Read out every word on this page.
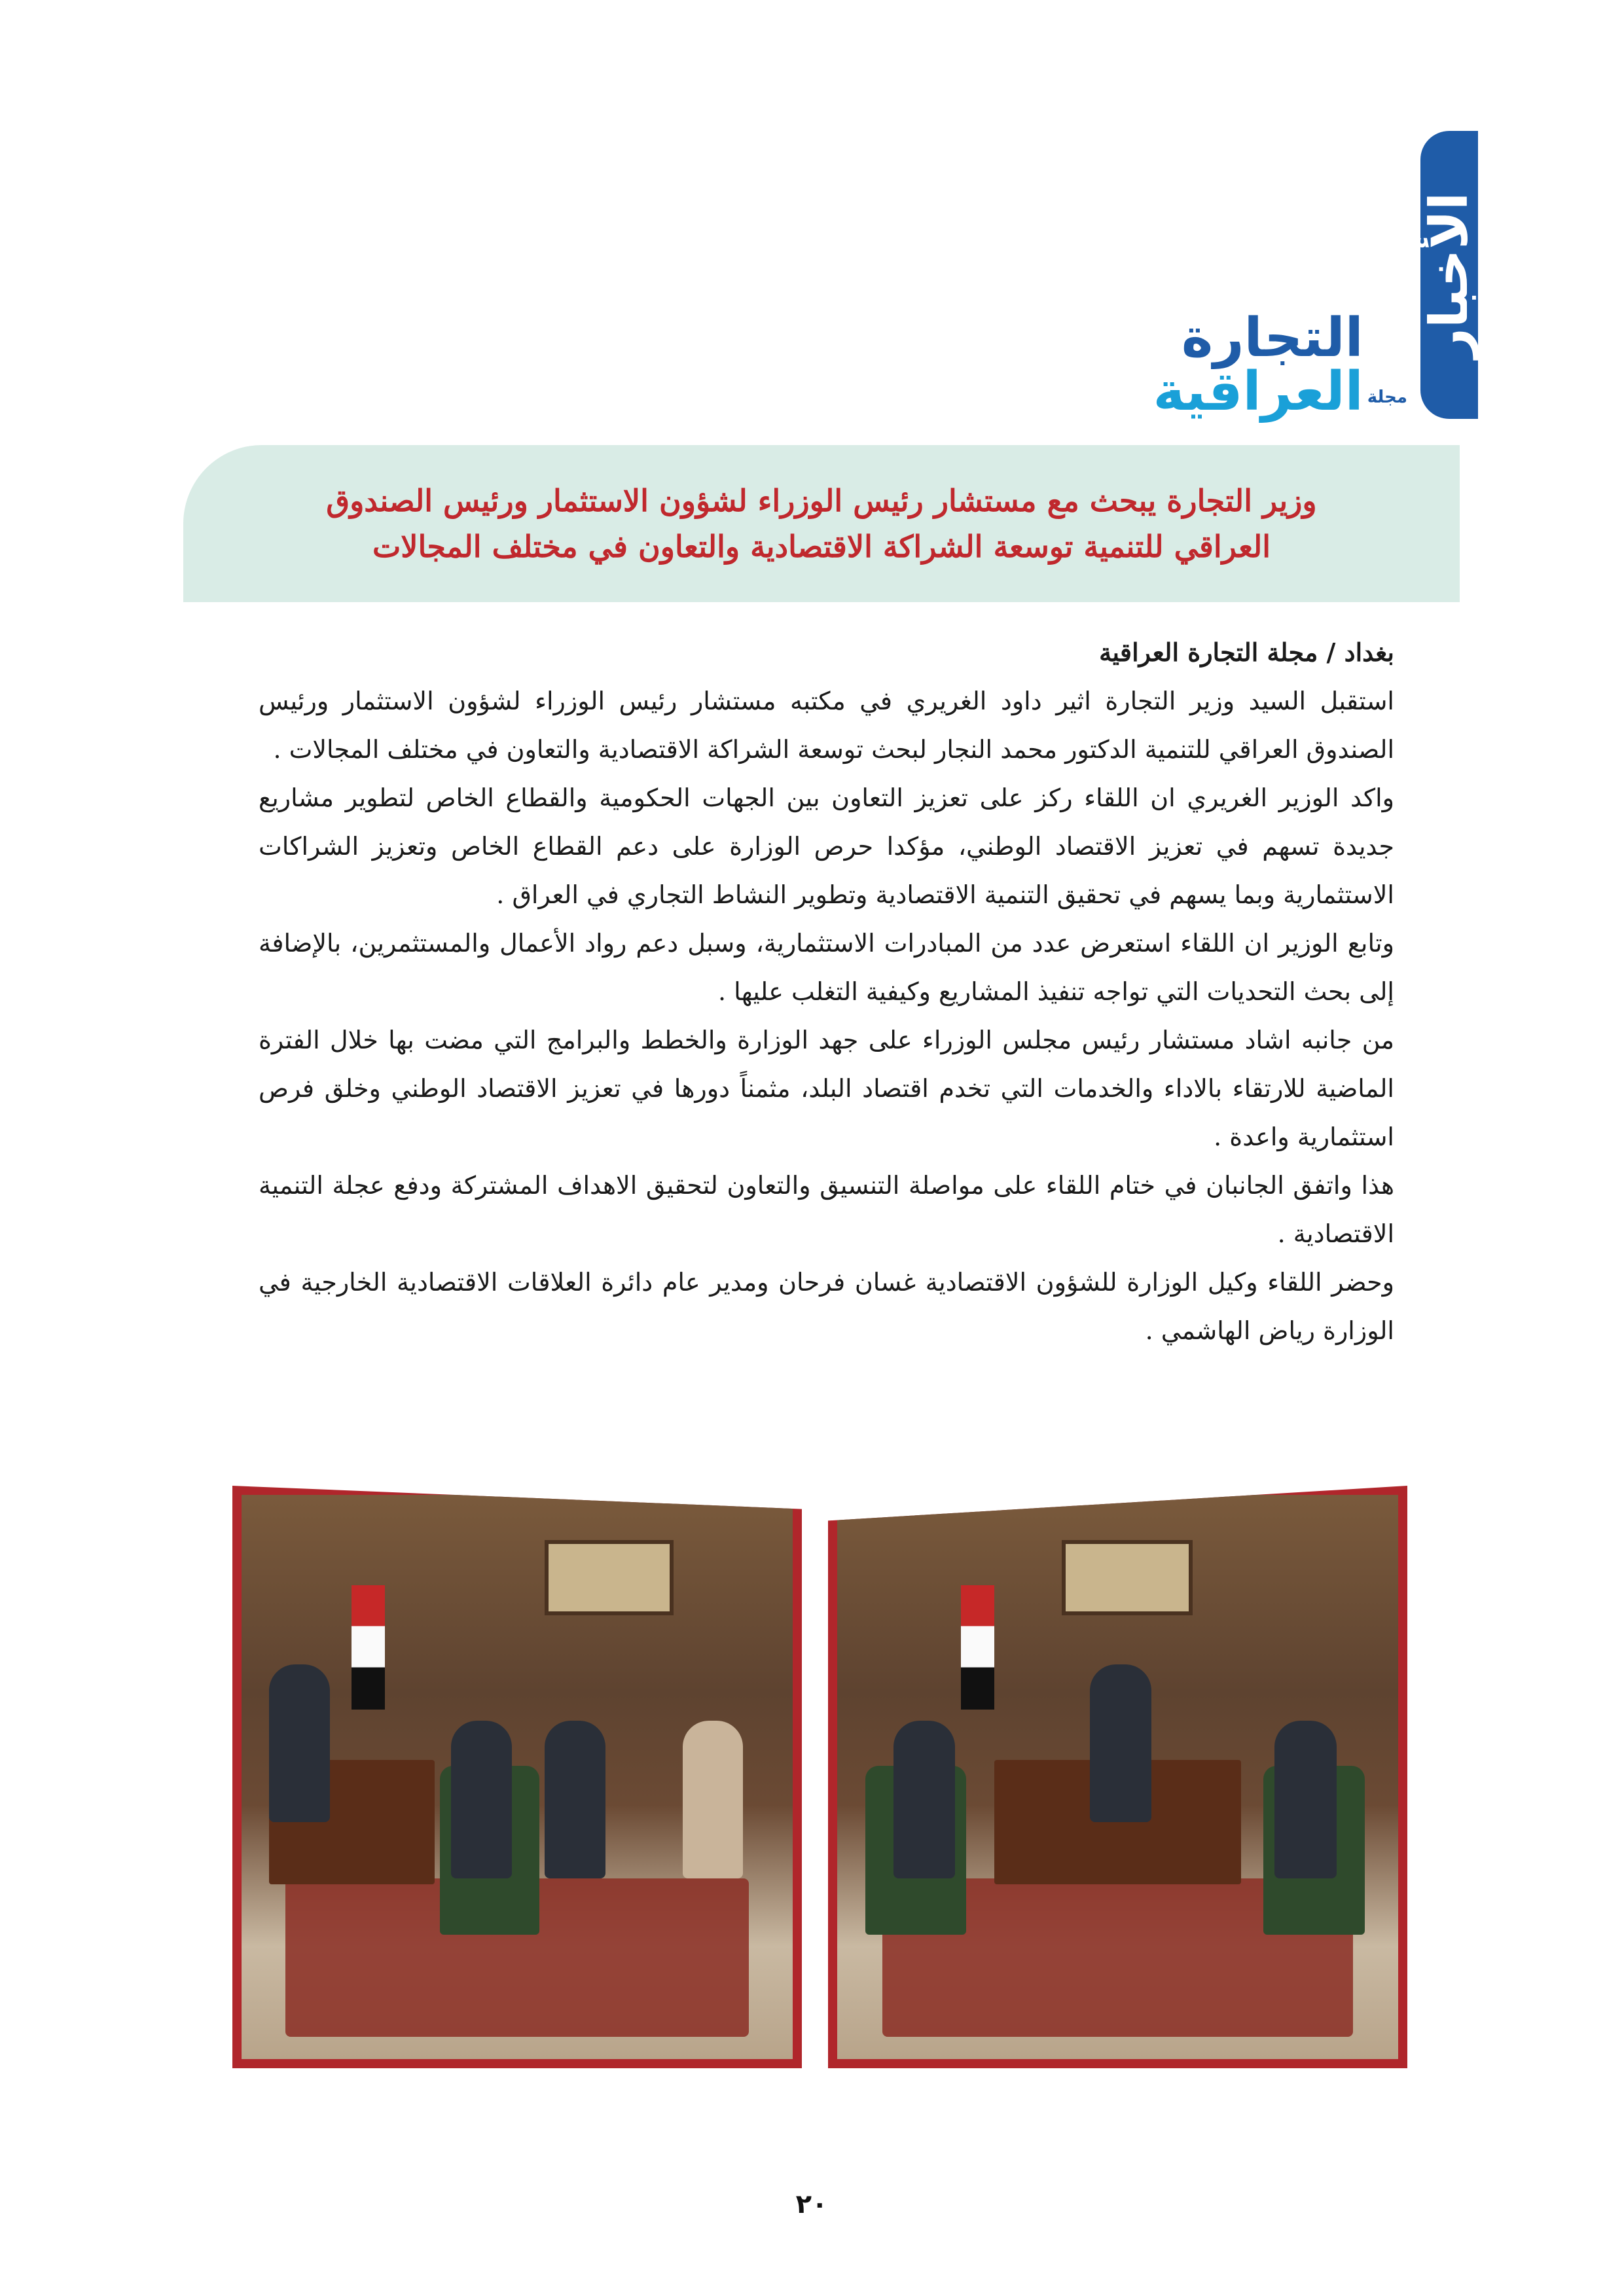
الأخبار
مجلة
التجارة العراقية
وزير التجارة يبحث مع مستشار رئيس الوزراء لشؤون الاستثمار ورئيس الصندوق
العراقي للتنمية توسعة الشراكة الاقتصادية والتعاون في مختلف المجالات

بغداد / مجلة التجارة العراقية

استقبل السيد وزير التجارة اثير داود الغريري في مكتبه مستشار رئيس الوزراء لشؤون الاستثمار ورئيس الصندوق العراقي للتنمية الدكتور محمد النجار لبحث توسعة الشراكة الاقتصادية والتعاون في مختلف المجالات .

واكد الوزير الغريري ان اللقاء ركز على تعزيز التعاون بين الجهات الحكومية والقطاع الخاص لتطوير مشاريع جديدة تسهم في تعزيز الاقتصاد الوطني، مؤكدا حرص الوزارة على دعم القطاع الخاص وتعزيز الشراكات الاستثمارية وبما يسهم في تحقيق التنمية الاقتصادية وتطوير النشاط التجاري في العراق .

وتابع الوزير ان اللقاء استعرض عدد من المبادرات الاستثمارية، وسبل دعم رواد الأعمال والمستثمرين، بالإضافة إلى بحث التحديات التي تواجه تنفيذ المشاريع وكيفية التغلب عليها .

من جانبه اشاد مستشار رئيس مجلس الوزراء على جهد الوزارة والخطط والبرامج التي مضت بها خلال الفترة الماضية للارتقاء بالاداء والخدمات التي تخدم اقتصاد البلد، مثمناً دورها في تعزيز الاقتصاد الوطني وخلق فرص استثمارية واعدة .

هذا واتفق الجانبان في ختام اللقاء على مواصلة التنسيق والتعاون لتحقيق الاهداف المشتركة ودفع عجلة التنمية الاقتصادية .

وحضر اللقاء وكيل الوزارة للشؤون الاقتصادية غسان فرحان ومدير عام دائرة العلاقات الاقتصادية الخارجية في الوزارة رياض الهاشمي .

٢٠
